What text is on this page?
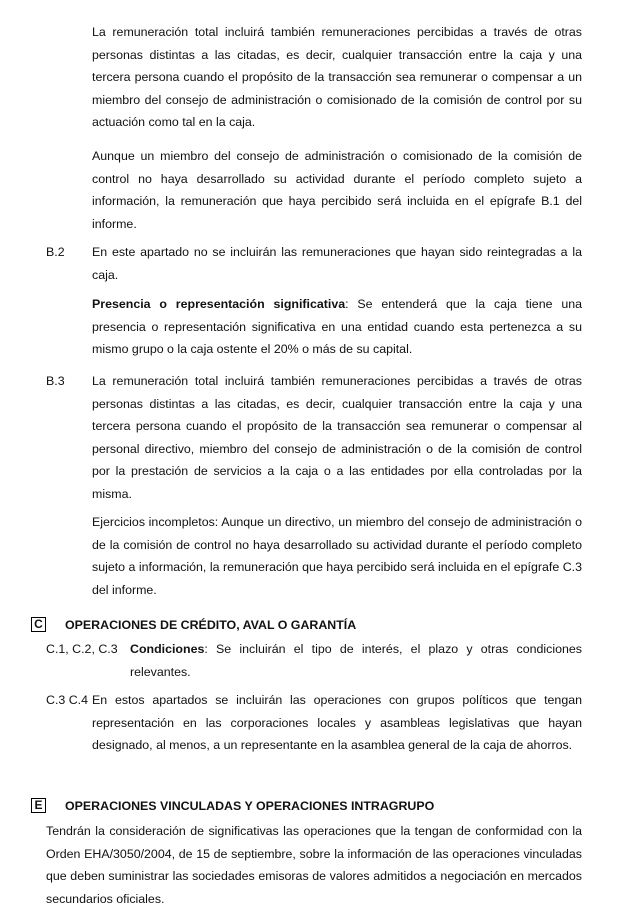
La remuneración total incluirá también remuneraciones percibidas a través de otras personas distintas a las citadas, es decir, cualquier transacción entre la caja y una tercera persona cuando el propósito de la transacción sea remunerar o compensar a un miembro del consejo de administración o comisionado de la comisión de control por su actuación como tal en la caja.

Aunque un miembro del consejo de administración o comisionado de la comisión de control no haya desarrollado su actividad durante el período completo sujeto a información, la remuneración que haya percibido será incluida en el epígrafe B.1 del informe.

B.2 En este apartado no se incluirán las remuneraciones que hayan sido reintegradas a la caja.

Presencia o representación significativa: Se entenderá que la caja tiene una presencia o representación significativa en una entidad cuando esta pertenezca a su mismo grupo o la caja ostente el 20% o más de su capital.

B.3 La remuneración total incluirá también remuneraciones percibidas a través de otras personas distintas a las citadas, es decir, cualquier transacción entre la caja y una tercera persona cuando el propósito de la transacción sea remunerar o compensar al personal directivo, miembro del consejo de administración o de la comisión de control por la prestación de servicios a la caja o a las entidades por ella controladas por la misma.

Ejercicios incompletos: Aunque un directivo, un miembro del consejo de administración o de la comisión de control no haya desarrollado su actividad durante el período completo sujeto a información, la remuneración que haya percibido será incluida en el epígrafe C.3 del informe.

C OPERACIONES DE CRÉDITO, AVAL O GARANTÍA
C.1, C.2, C.3 Condiciones: Se incluirán el tipo de interés, el plazo y otras condiciones relevantes.

C.3 C.4 En estos apartados se incluirán las operaciones con grupos políticos que tengan representación en las corporaciones locales y asambleas legislativas que hayan designado, al menos, a un representante en la asamblea general de la caja de ahorros.

E OPERACIONES VINCULADAS Y OPERACIONES INTRAGRUPO

Tendrán la consideración de significativas las operaciones que la tengan de conformidad con la Orden EHA/3050/2004, de 15 de septiembre, sobre la información de las operaciones vinculadas que deben suministrar las sociedades emisoras de valores admitidos a negociación en mercados secundarios oficiales.
